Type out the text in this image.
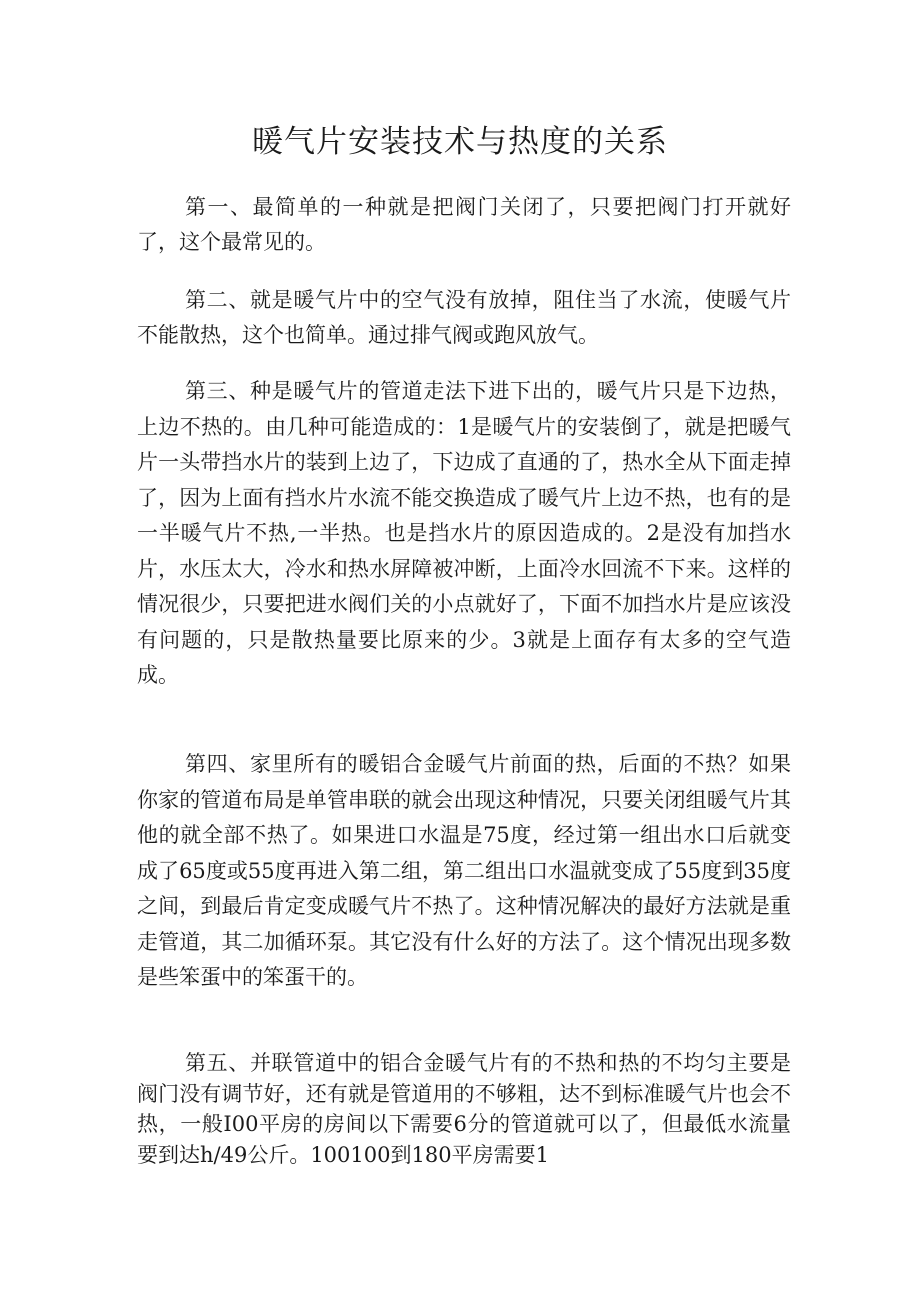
暖气片安装技术与热度的关系

第一、最简单的一种就是把阀门关闭了，只要把阀门打开就好了，这个最常见的。

第二、就是暖气片中的空气没有放掉，阻住当了水流，使暖气片不能散热，这个也简单。通过排气阀或跑风放气。

第三、种是暖气片的管道走法下进下出的，暖气片只是下边热，上边不热的。由几种可能造成的：1是暖气片的安装倒了，就是把暖气片一头带挡水片的装到上边了，下边成了直通的了，热水全从下面走掉了，因为上面有挡水片水流不能交换造成了暖气片上边不热，也有的是一半暖气片不热,一半热。也是挡水片的原因造成的。2是没有加挡水片，水压太大，冷水和热水屏障被冲断，上面冷水回流不下来。这样的情况很少，只要把进水阀们关的小点就好了，下面不加挡水片是应该没有问题的，只是散热量要比原来的少。3就是上面存有太多的空气造成。

第四、家里所有的暖铝合金暖气片前面的热，后面的不热？如果你家的管道布局是单管串联的就会出现这种情况，只要关闭组暖气片其他的就全部不热了。如果进口水温是75度，经过第一组出水口后就变成了65度或55度再进入第二组，第二组出口水温就变成了55度到35度之间，到最后肯定变成暖气片不热了。这种情况解决的最好方法就是重走管道，其二加循环泵。其它没有什么好的方法了。这个情况出现多数是些笨蛋中的笨蛋干的。

第五、并联管道中的铝合金暖气片有的不热和热的不均匀主要是阀门没有调节好，还有就是管道用的不够粗，达不到标准暖气片也会不热，一般I00平房的房间以下需要6分的管道就可以了，但最低水流量要到达h/49公斤。100100到180平房需要1
